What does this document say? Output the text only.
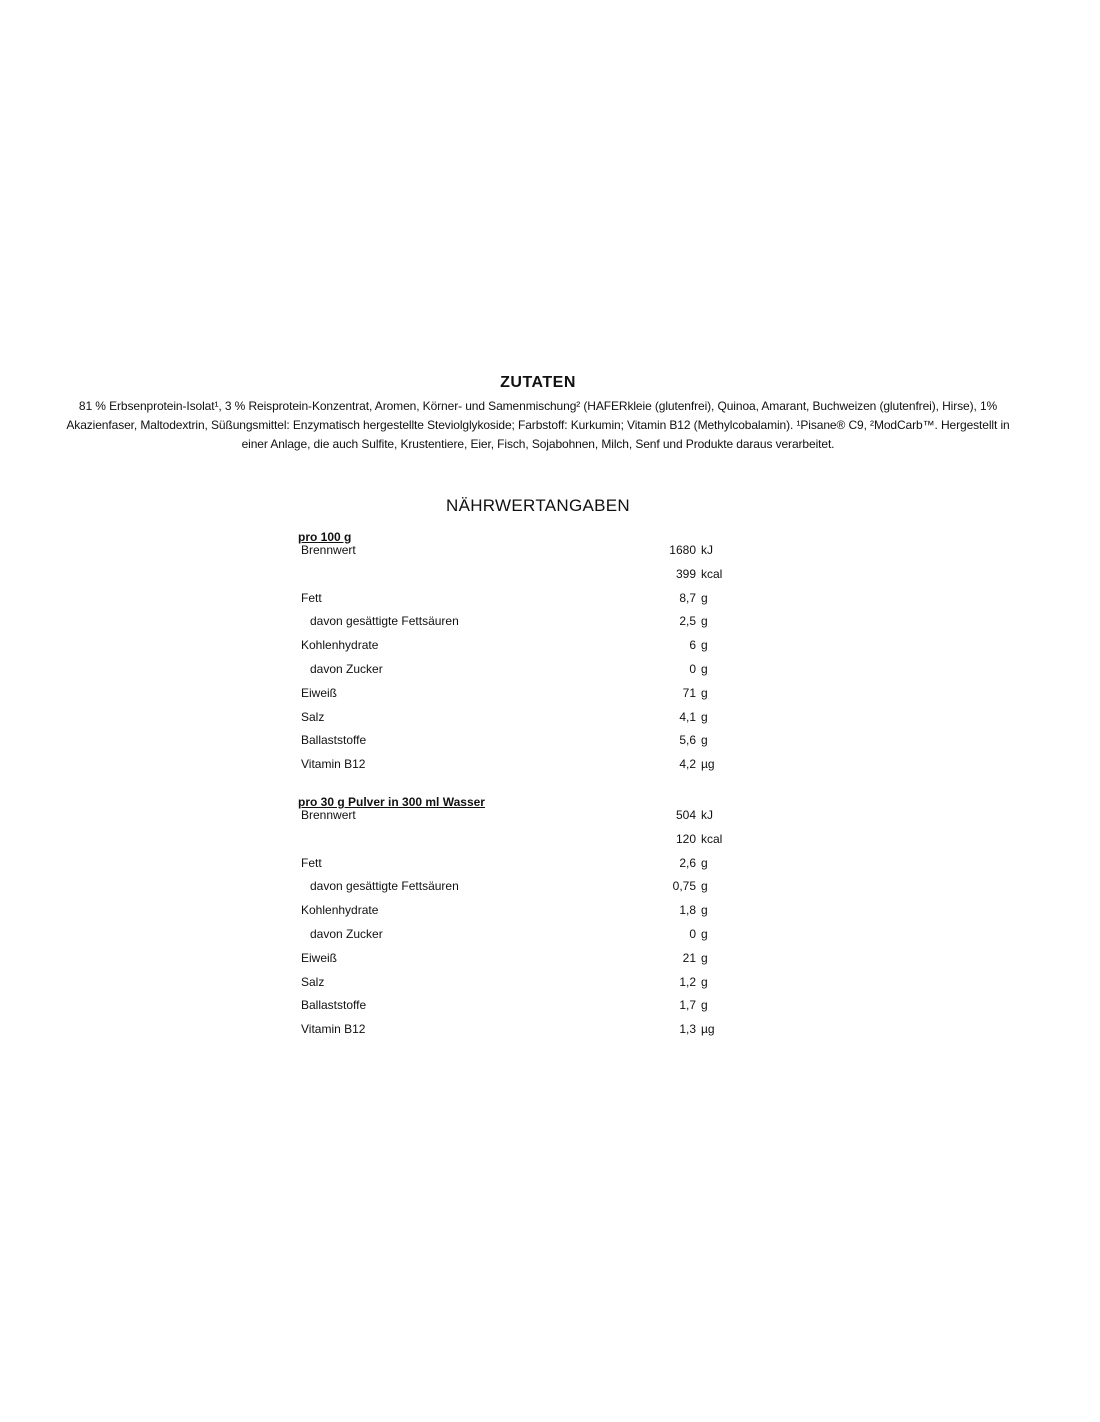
ZUTATEN
81 % Erbsenprotein-Isolat¹, 3 % Reisprotein-Konzentrat, Aromen, Körner- und Samenmischung² (HAFERkleie (glutenfrei), Quinoa, Amarant, Buchweizen (glutenfrei), Hirse), 1% Akazienfaser, Maltodextrin, Süßungsmittel: Enzymatisch hergestellte Steviolglykoside; Farbstoff: Kurkumin; Vitamin B12 (Methylcobalamin). ¹Pisane® C9, ²ModCarb™. Hergestellt in einer Anlage, die auch Sulfite, Krustentiere, Eier, Fisch, Sojabohnen, Milch, Senf und Produkte daraus verarbeitet.
NÄHRWERTANGABEN
pro 100 g
Brennwert	1680 kJ
399 kcal
Fett	8,7 g
davon gesättigte Fettsäuren	2,5 g
Kohlenhydrate	6 g
davon Zucker	0 g
Eiweiß	71 g
Salz	4,1 g
Ballaststoffe	5,6 g
Vitamin B12	4,2 µg
pro 30 g Pulver in 300 ml Wasser
Brennwert	504 kJ
120 kcal
Fett	2,6 g
davon gesättigte Fettsäuren	0,75 g
Kohlenhydrate	1,8 g
davon Zucker	0 g
Eiweiß	21 g
Salz	1,2 g
Ballaststoffe	1,7 g
Vitamin B12	1,3 µg
